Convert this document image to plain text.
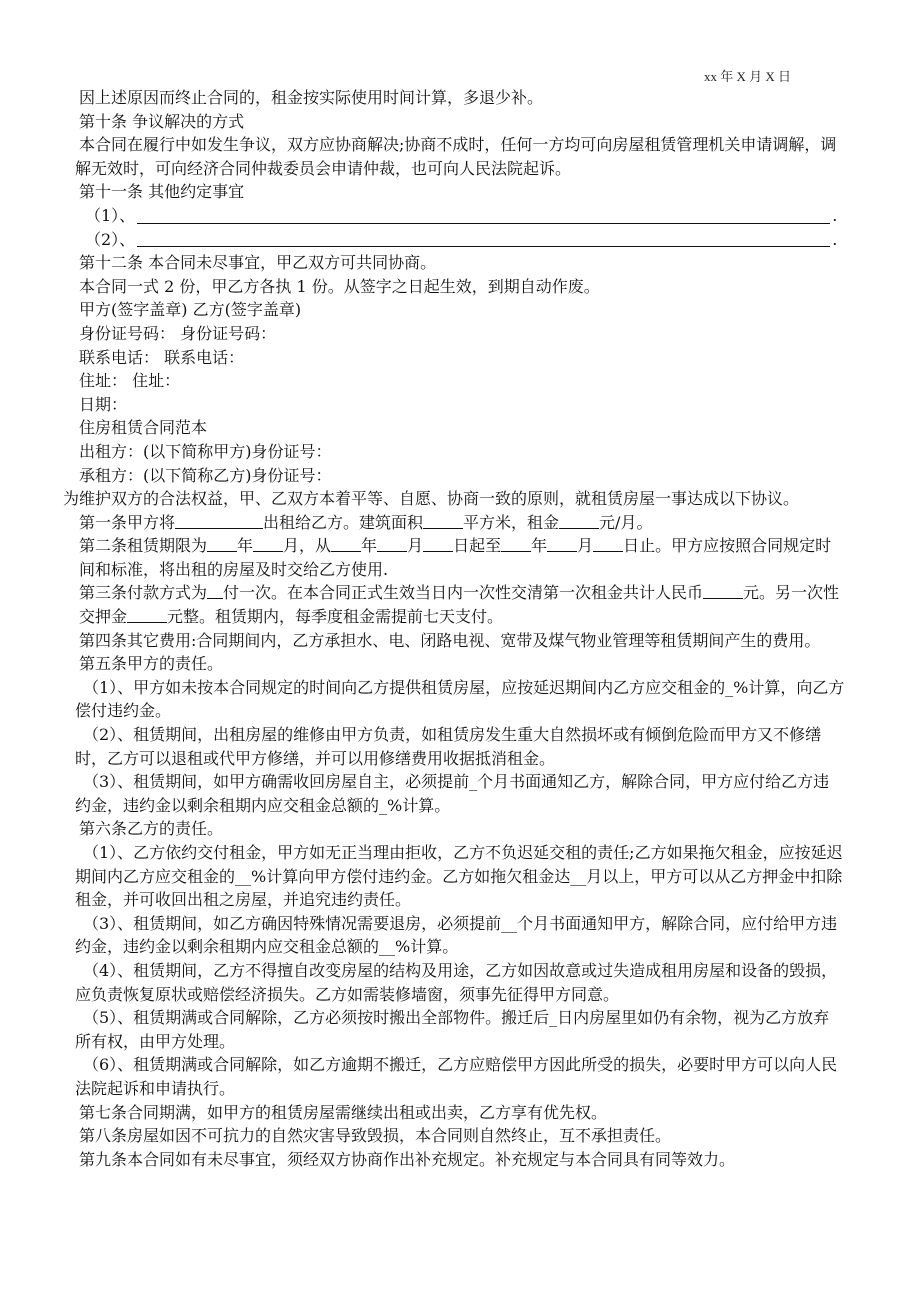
xx 年 X 月 X 日

因上述原因而终止合同的，租金按实际使用时间计算，多退少补。

第十条 争议解决的方式

本合同在履行中如发生争议，双方应协商解决;协商不成时，任何一方均可向房屋租赁管理机关申请调解，调解无效时，可向经济合同仲裁委员会申请仲裁，也可向人民法院起诉。

第十一条 其他约定事宜

（1）、	.
（2）、	.

第十二条 本合同未尽事宜，甲乙双方可共同协商。

本合同一式 2 份，甲乙方各执 1 份。从签字之日起生效，到期自动作废。

甲方(签字盖章) 乙方(签字盖章)

身份证号码： 身份证号码：

联系电话： 联系电话：

住址： 住址：

日期：

住房租赁合同范本

出租方：(以下简称甲方)身份证号：

承租方：(以下简称乙方)身份证号：

为维护双方的合法权益，甲、乙双方本着平等、自愿、协商一致的原则，就租赁房屋一事达成以下协议。

第一条甲方将	出租给乙方。建筑面积	平方米，租金	元/月。

第二条租赁期限为 年 月，从 年 月 日起至 年 月 日止。甲方应按照合同规定时间和标准，将出租的房屋及时交给乙方使用.

第三条付款方式为 付一次。在本合同正式生效当日内一次性交清第一次租金共计人民币	元。另一次性交押金	元整。租赁期内，每季度租金需提前七天支付。

第四条其它费用:合同期间内，乙方承担水、电、闭路电视、宽带及煤气物业管理等租赁期间产生的费用。

第五条甲方的责任。

（1）、甲方如未按本合同规定的时间向乙方提供租赁房屋，应按延迟期间内乙方应交租金的_%计算，向乙方偿付违约金。

（2）、租赁期间，出租房屋的维修由甲方负责，如租赁房发生重大自然损坏或有倾倒危险而甲方又不修缮时，乙方可以退租或代甲方修缮，并可以用修缮费用收据抵消租金。

（3）、租赁期间，如甲方确需收回房屋自主，必须提前_个月书面通知乙方，解除合同，甲方应付给乙方违约金，违约金以剩余租期内应交租金总额的_%计算。

第六条乙方的责任。

（1）、乙方依约交付租金，甲方如无正当理由拒收，乙方不负迟延交租的责任;乙方如果拖欠租金，应按延迟期间内乙方应交租金的__%计算向甲方偿付违约金。乙方如拖欠租金达__月以上，甲方可以从乙方押金中扣除租金，并可收回出租之房屋，并追究违约责任。

（3）、租赁期间，如乙方确因特殊情况需要退房，必须提前__个月书面通知甲方，解除合同，应付给甲方违约金，违约金以剩余租期内应交租金总额的__%计算。

（4）、租赁期间，乙方不得擅自改变房屋的结构及用途，乙方如因故意或过失造成租用房屋和设备的毁损，应负责恢复原状或赔偿经济损失。乙方如需装修墙窗，须事先征得甲方同意。

（5）、租赁期满或合同解除，乙方必须按时搬出全部物件。搬迁后_日内房屋里如仍有余物，视为乙方放弃所有权，由甲方处理。

（6）、租赁期满或合同解除，如乙方逾期不搬迁，乙方应赔偿甲方因此所受的损失，必要时甲方可以向人民法院起诉和申请执行。

第七条合同期满，如甲方的租赁房屋需继续出租或出卖，乙方享有优先权。

第八条房屋如因不可抗力的自然灾害导致毁损，本合同则自然终止，互不承担责任。

第九条本合同如有未尽事宜，须经双方协商作出补充规定。补充规定与本合同具有同等效力。
